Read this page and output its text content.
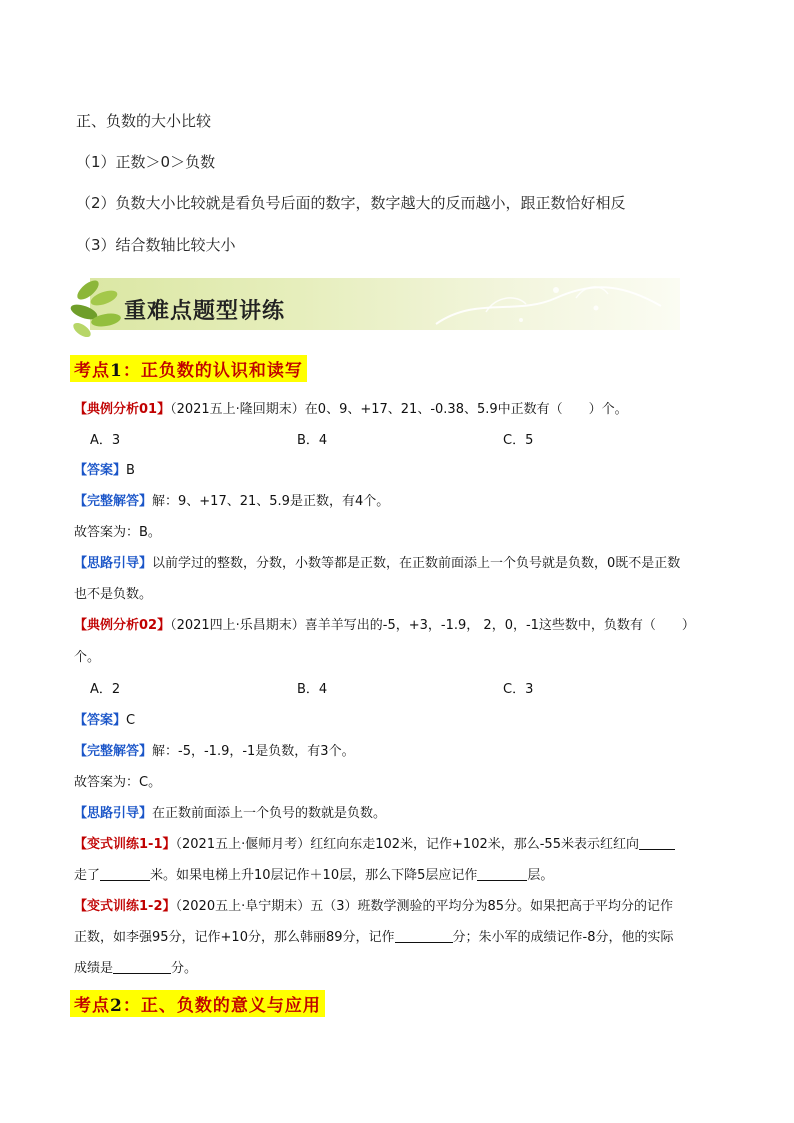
正、负数的大小比较
（1）正数＞0＞负数
（2）负数大小比较就是看负号后面的数字，数字越大的反而越小，跟正数恰好相反
（3）结合数轴比较大小
重难点题型讲练
考点1：正负数的认识和读写
【典例分析01】（2021五上·隆回期末）在0、9、+17、21、-0.38、5.9中正数有（　　）个。
A．3	B．4	C．5
【答案】B
【完整解答】解：9、+17、21、5.9是正数，有4个。
故答案为：B。
【思路引导】以前学过的整数，分数，小数等都是正数，在正数前面添上一个负号就是负数，0既不是正数
也不是负数。
【典例分析02】（2021四上·乐昌期末）喜羊羊写出的-5，+3，-1.9， 2，0，-1这些数中，负数有（　　）
个。
A．2	B．4	C．3
【答案】C
【完整解答】解：-5，-1.9，-1是负数，有3个。
故答案为：C。
【思路引导】在正数前面添上一个负号的数就是负数。
【变式训练1-1】（2021五上·偃师月考）红红向东走102米，记作+102米，那么-55米表示红红向
走了	米。如果电梯上升10层记作＋10层，那么下降5层应记作	层。
【变式训练1-2】（2020五上·阜宁期末）五（3）班数学测验的平均分为85分。如果把高于平均分的记作
正数，如李强95分，记作+10分，那么韩丽89分，记作	分；朱小军的成绩记作-8分，他的实际
成绩是	分。
考点2：正、负数的意义与应用
